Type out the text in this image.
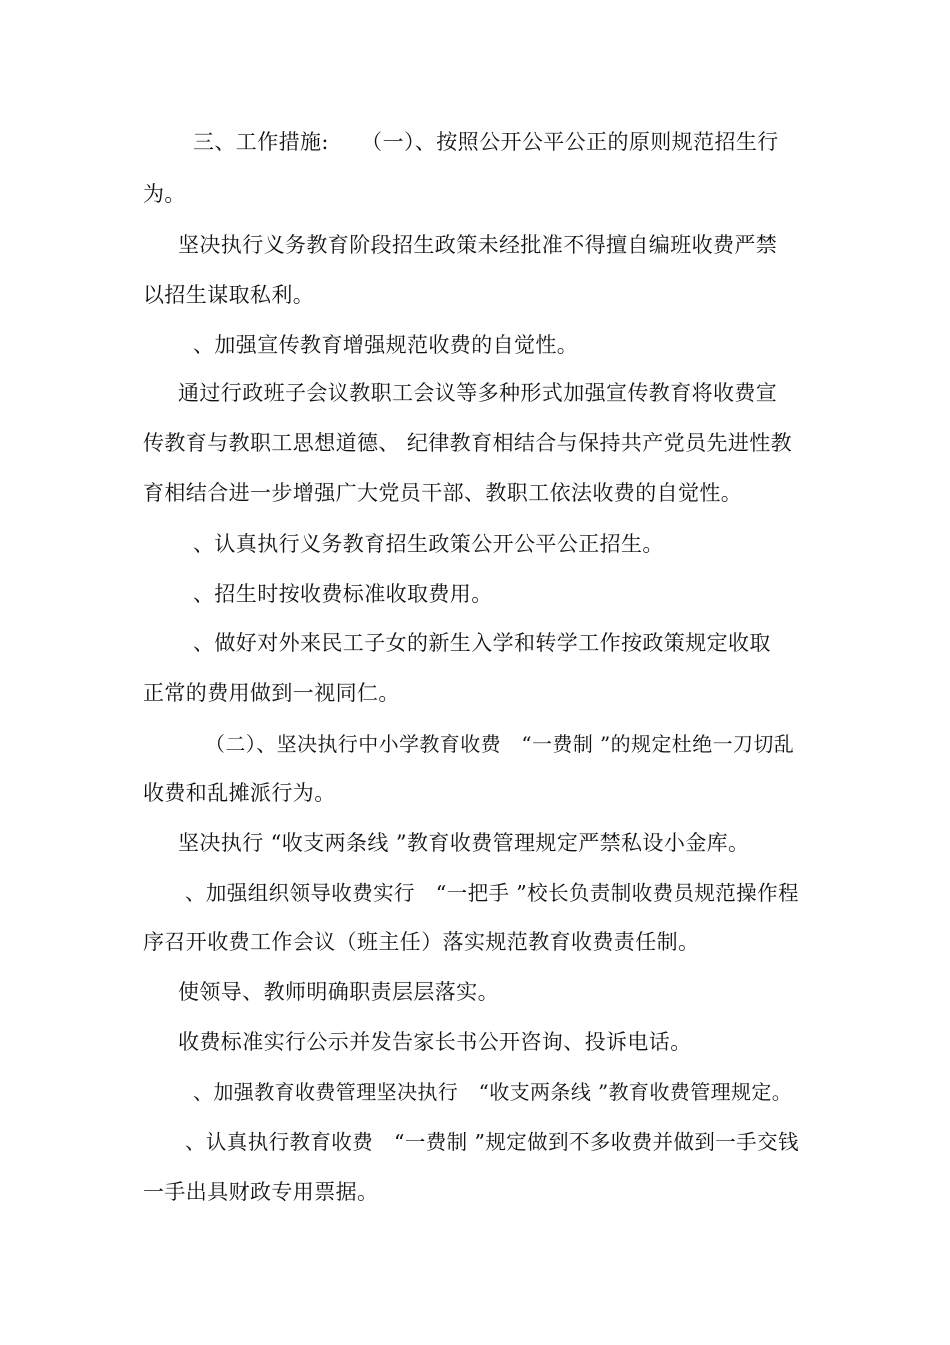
三、工作措施:　　（一）、按照公开公平公正的原则规范招生行
为。
坚决执行义务教育阶段招生政策未经批准不得擅自编班收费严禁
以招生谋取私利。
、加强宣传教育增强规范收费的自觉性。
通过行政班子会议教职工会议等多种形式加强宣传教育将收费宣
传教育与教职工思想道德、 纪律教育相结合与保持共产党员先进性教
育相结合进一步增强广大党员干部、教职工依法收费的自觉性。
、认真执行义务教育招生政策公开公平公正招生。
、招生时按收费标准收取费用。
、做好对外来民工子女的新生入学和转学工作按政策规定收取
正常的费用做到一视同仁。
（二）、坚决执行中小学教育收费　“一费制 ”的规定杜绝一刀切乱
收费和乱摊派行为。
坚决执行 “收支两条线 ”教育收费管理规定严禁私设小金库。
、加强组织领导收费实行　“一把手 ”校长负责制收费员规范操作程
序召开收费工作会议（班主任）落实规范教育收费责任制。
使领导、教师明确职责层层落实。
收费标准实行公示并发告家长书公开咨询、投诉电话。
、加强教育收费管理坚决执行　“收支两条线 ”教育收费管理规定。
、认真执行教育收费　“一费制 ”规定做到不多收费并做到一手交钱
一手出具财政专用票据。
